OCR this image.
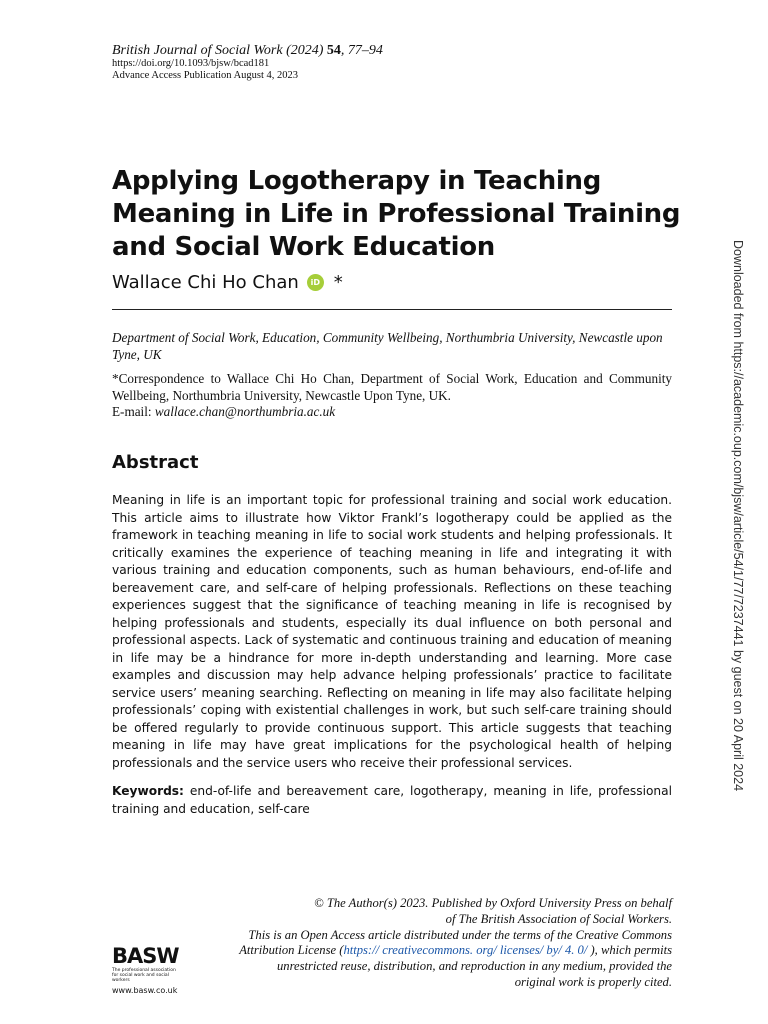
British Journal of Social Work (2024) 54, 77–94
https://doi.org/10.1093/bjsw/bcad181
Advance Access Publication August 4, 2023
Applying Logotherapy in Teaching Meaning in Life in Professional Training and Social Work Education
Wallace Chi Ho Chan	iD *
Department of Social Work, Education, Community Wellbeing, Northumbria University, Newcastle upon Tyne, UK
*Correspondence to Wallace Chi Ho Chan, Department of Social Work, Education and Community Wellbeing, Northumbria University, Newcastle Upon Tyne, UK.
E-mail: wallace.chan@northumbria.ac.uk
Abstract

Meaning in life is an important topic for professional training and social work education. This article aims to illustrate how Viktor Frankl’s logotherapy could be applied as the framework in teaching meaning in life to social work students and helping professionals. It critically examines the experience of teaching meaning in life and integrating it with various training and education components, such as human behaviours, end-of-life and bereavement care, and self-care of helping professionals. Reflections on these teaching experiences suggest that the significance of teaching meaning in life is recognised by helping professionals and students, especially its dual influence on both personal and professional aspects. Lack of systematic and continuous training and education of meaning in life may be a hindrance for more in-depth understanding and learning. More case examples and discussion may help advance helping professionals’ practice to facilitate service users’ meaning searching. Reflecting on meaning in life may also facilitate helping professionals’ coping with existential challenges in work, but such self-care training should be offered regularly to provide continuous support. This article suggests that teaching meaning in life may have great implications for the psychological health of helping professionals and the service users who receive their professional services.

Keywords: end-of-life and bereavement care, logotherapy, meaning in life, professional training and education, self-care

© The Author(s) 2023. Published by Oxford University Press on behalf
of The British Association of Social Workers.
This is an Open Access article distributed under the terms of the Creative Commons Attribution License (https:// creativecommons. org/ licenses/ by/ 4. 0/ ), which permits unrestricted reuse, distribution, and reproduction in any medium, provided the original work is properly cited.
BASW
The professional association for social work and social workers
www.basw.co.uk
Downloaded from https://academic.oup.com/bjsw/article/54/1/77/7237441 by guest on 20 April 2024
